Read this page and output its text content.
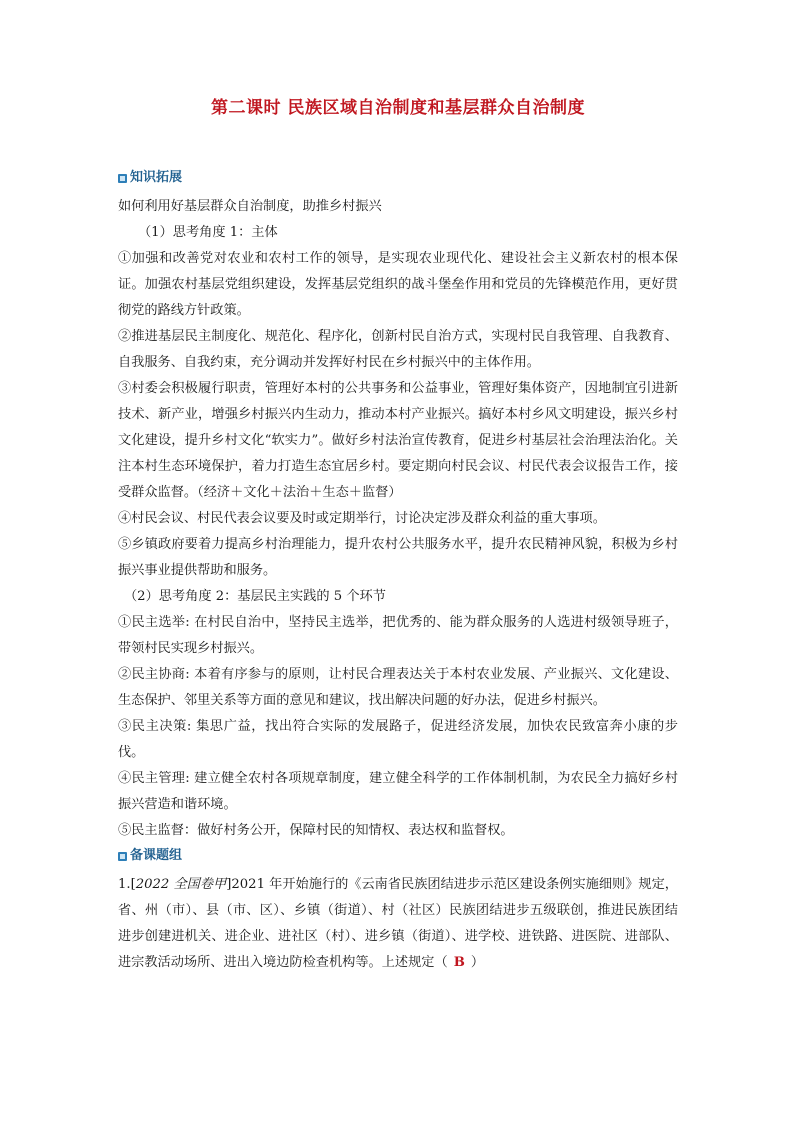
第二课时 民族区域自治制度和基层群众自治制度
知识拓展

如何利用好基层群众自治制度，助推乡村振兴

（1）思考角度 1：主体

①加强和改善党对农业和农村工作的领导，是实现农业现代化、建设社会主义新农村的根本保证。加强农村基层党组织建设，发挥基层党组织的战斗堡垒作用和党员的先锋模范作用，更好贯彻党的路线方针政策。

②推进基层民主制度化、规范化、程序化，创新村民自治方式，实现村民自我管理、自我教育、自我服务、自我约束，充分调动并发挥好村民在乡村振兴中的主体作用。

③村委会积极履行职责，管理好本村的公共事务和公益事业，管理好集体资产，因地制宜引进新技术、新产业，增强乡村振兴内生动力，推动本村产业振兴。搞好本村乡风文明建设，振兴乡村文化建设，提升乡村文化“软实力”。做好乡村法治宣传教育，促进乡村基层社会治理法治化。关注本村生态环境保护，着力打造生态宜居乡村。要定期向村民会议、村民代表会议报告工作，接受群众监督。（经济＋文化＋法治＋生态＋监督）

④村民会议、村民代表会议要及时或定期举行，讨论决定涉及群众利益的重大事项。

⑤乡镇政府要着力提高乡村治理能力，提升农村公共服务水平，提升农民精神风貌，积极为乡村振兴事业提供帮助和服务。

（2）思考角度 2：基层民主实践的 5 个环节

①民主选举: 在村民自治中，坚持民主选举，把优秀的、能为群众服务的人选进村级领导班子，带领村民实现乡村振兴。

②民主协商: 本着有序参与的原则，让村民合理表达关于本村农业发展、产业振兴、文化建设、生态保护、邻里关系等方面的意见和建议，找出解决问题的好办法，促进乡村振兴。

③民主决策: 集思广益，找出符合实际的发展路子，促进经济发展，加快农民致富奔小康的步伐。

④民主管理: 建立健全农村各项规章制度，建立健全科学的工作体制机制，为农民全力搞好乡村振兴营造和谐环境。

⑤民主监督：做好村务公开，保障村民的知情权、表达权和监督权。

备课题组

1.[2022 全国卷甲]2021 年开始施行的《云南省民族团结进步示范区建设条例实施细则》规定，省、州（市）、县（市、区）、乡镇（街道）、村（社区）民族团结进步五级联创，推进民族团结进步创建进机关、进企业、进社区（村）、进乡镇（街道）、进学校、进铁路、进医院、进部队、进宗教活动场所、进出入境边防检查机构等。上述规定（ B ）
